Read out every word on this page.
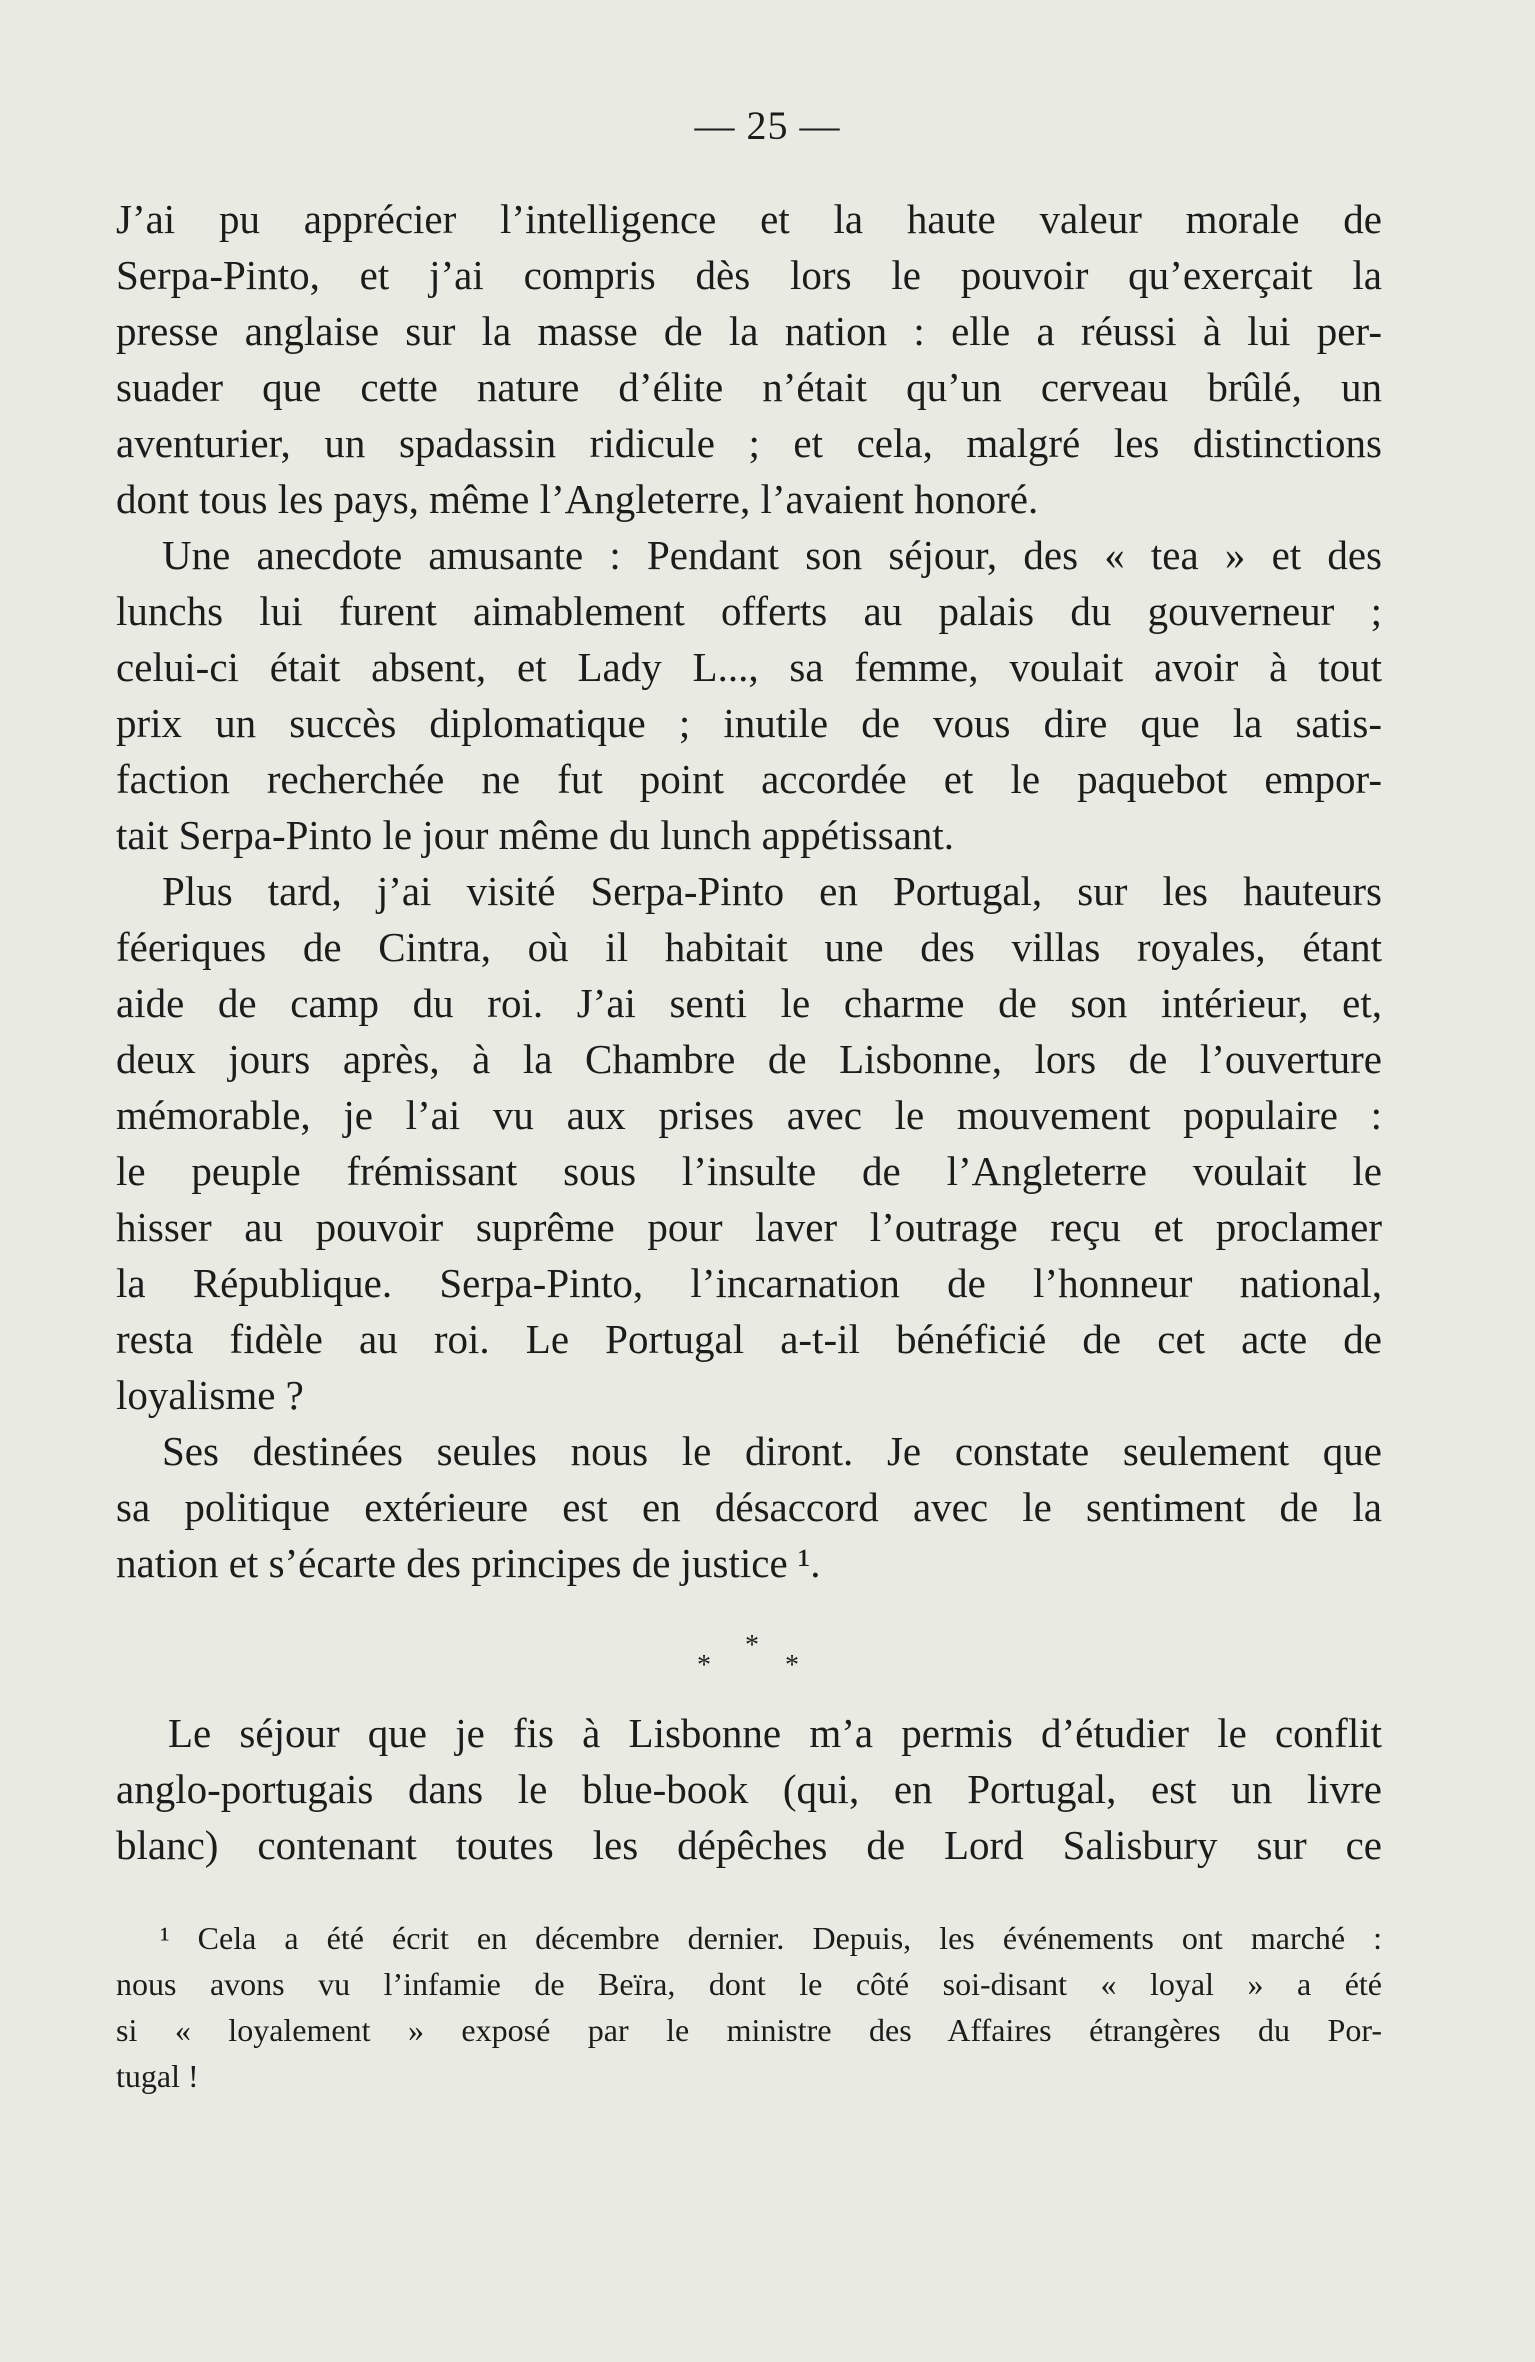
— 25 —
J’ai pu apprécier l’intelligence et la haute valeur morale de
Serpa-Pinto, et j’ai compris dès lors le pouvoir qu’exerçait la
presse anglaise sur la masse de la nation : elle a réussi à lui per-
suader que cette nature d’élite n’était qu’un cerveau brûlé, un
aventurier, un spadassin ridicule ; et cela, malgré les distinctions
dont tous les pays, même l’Angleterre, l’avaient honoré.
Une anecdote amusante : Pendant son séjour, des « tea » et des
lunchs lui furent aimablement offerts au palais du gouverneur ;
celui-ci était absent, et Lady L..., sa femme, voulait avoir à tout
prix un succès diplomatique ; inutile de vous dire que la satis-
faction recherchée ne fut point accordée et le paquebot empor-
tait Serpa-Pinto le jour même du lunch appétissant.
Plus tard, j’ai visité Serpa-Pinto en Portugal, sur les hauteurs
féeriques de Cintra, où il habitait une des villas royales, étant
aide de camp du roi. J’ai senti le charme de son intérieur, et,
deux jours après, à la Chambre de Lisbonne, lors de l’ouverture
mémorable, je l’ai vu aux prises avec le mouvement populaire :
le peuple frémissant sous l’insulte de l’Angleterre voulait le
hisser au pouvoir suprême pour laver l’outrage reçu et proclamer
la République. Serpa-Pinto, l’incarnation de l’honneur national,
resta fidèle au roi. Le Portugal a-t-il bénéficié de cet acte de
loyalisme ?
Ses destinées seules nous le diront. Je constate seulement que
sa politique extérieure est en désaccord avec le sentiment de la
nation et s’écarte des principes de justice ¹.
*
*	*
Le séjour que je fis à Lisbonne m’a permis d’étudier le conflit
anglo-portugais dans le blue-book (qui, en Portugal, est un livre
blanc) contenant toutes les dépêches de Lord Salisbury sur ce
¹ Cela a été écrit en décembre dernier. Depuis, les événements ont marché :
nous avons vu l’infamie de Beïra, dont le côté soi-disant « loyal » a été
si « loyalement » exposé par le ministre des Affaires étrangères du Por-
tugal !
